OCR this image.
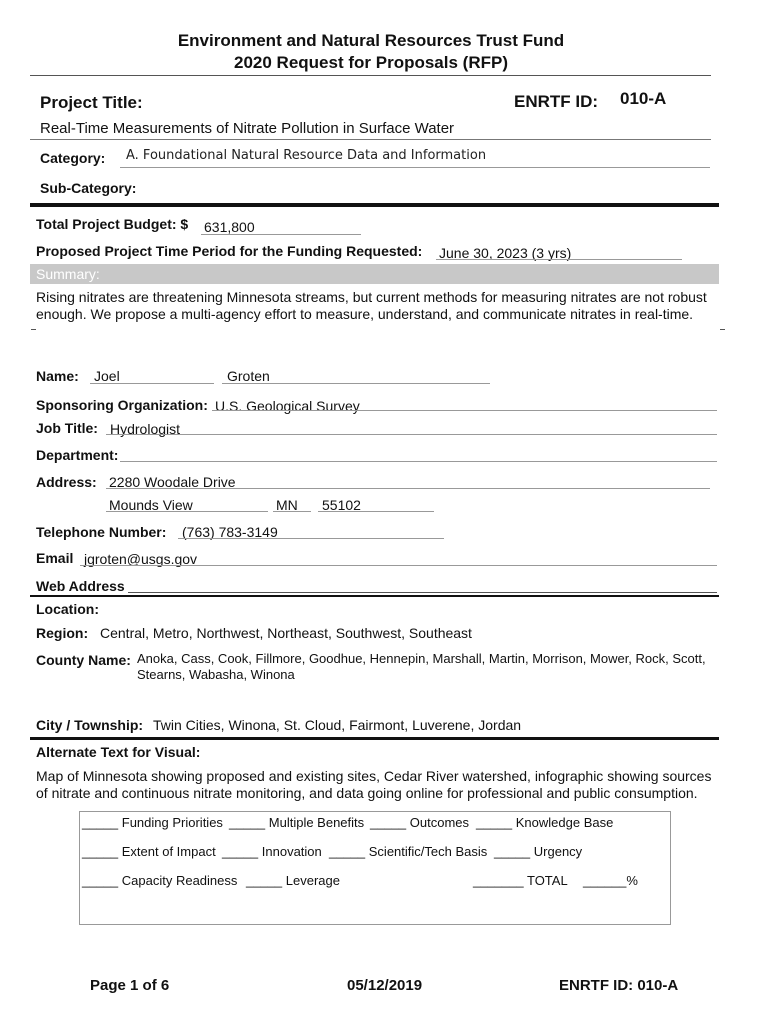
Environment and Natural Resources Trust Fund
2020 Request for Proposals (RFP)
Project Title:	ENRTF ID: 010-A
Real-Time Measurements of Nitrate Pollution in Surface Water
Category: A. Foundational Natural Resource Data and Information
Sub-Category:
Total Project Budget: $ 631,800
Proposed Project Time Period for the Funding Requested: June 30, 2023 (3 yrs)
Summary:
Rising nitrates are threatening Minnesota streams, but current methods for measuring nitrates are not robust enough. We propose a multi-agency effort to measure, understand, and communicate nitrates in real-time.
Name: Joel	Groten
Sponsoring Organization: U.S. Geological Survey
Job Title: Hydrologist
Department:
Address: 2280 Woodale Drive
Mounds View	MN 55102
Telephone Number: (763) 783-3149
Email jgroten@usgs.gov
Web Address
Location:
Region: Central, Metro, Northwest, Northeast, Southwest, Southeast
County Name: Anoka, Cass, Cook, Fillmore, Goodhue, Hennepin, Marshall, Martin, Morrison, Mower, Rock, Scott, Stearns, Wabasha, Winona
City / Township: Twin Cities, Winona, St. Cloud, Fairmont, Luverene, Jordan
Alternate Text for Visual:
Map of Minnesota showing proposed and existing sites, Cedar River watershed, infographic showing sources of nitrate and continuous nitrate monitoring, and data going online for professional and public consumption.
_____ Funding Priorities _____ Multiple Benefits _____ Outcomes _____ Knowledge Base
_____ Extent of Impact _____ Innovation _____ Scientific/Tech Basis _____ Urgency
_____ Capacity Readiness _____ Leverage	_______ TOTAL ______%
Page 1 of 6	05/12/2019	ENRTF ID: 010-A
